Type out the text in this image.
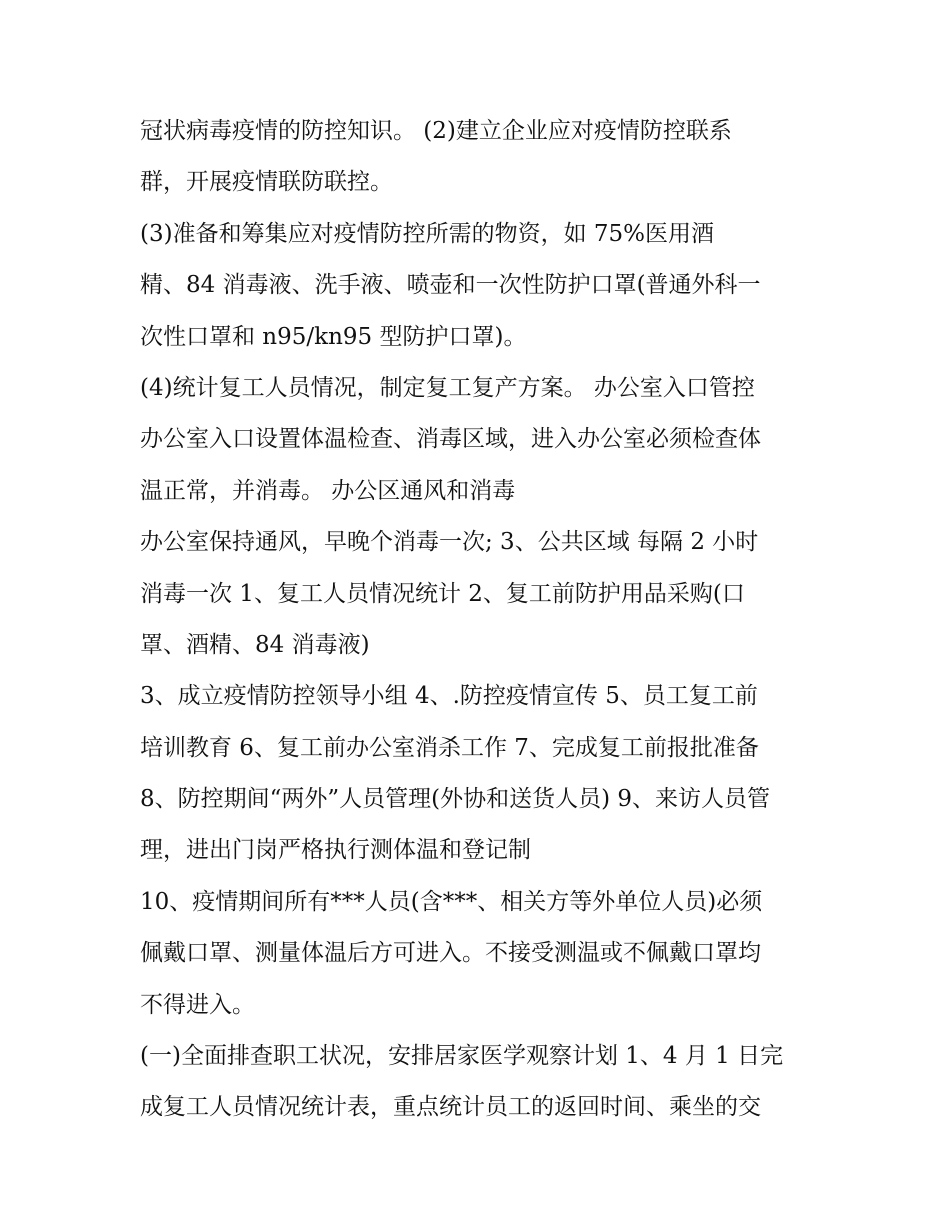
冠状病毒疫情的防控知识。 (2)建立企业应对疫情防控联系
群，开展疫情联防联控。
(3)准备和筹集应对疫情防控所需的物资，如 75%医用酒
精、84 消毒液、洗手液、喷壶和一次性防护口罩(普通外科一
次性口罩和 n95/kn95 型防护口罩)。
(4)统计复工人员情况，制定复工复产方案。 办公室入口管控
办公室入口设置体温检查、消毒区域，进入办公室必须检查体
温正常，并消毒。 办公区通风和消毒
办公室保持通风，早晚个消毒一次; 3、公共区域 每隔 2 小时
消毒一次 1、复工人员情况统计 2、复工前防护用品采购(口
罩、酒精、84 消毒液)
3、成立疫情防控领导小组 4、.防控疫情宣传 5、员工复工前
培训教育 6、复工前办公室消杀工作 7、完成复工前报批准备
8、防控期间“两外”人员管理(外协和送货人员) 9、来访人员管
理，进出门岗严格执行测体温和登记制
10、疫情期间所有***人员(含***、相关方等外单位人员)必须
佩戴口罩、测量体温后方可进入。不接受测温或不佩戴口罩均
不得进入。
(一)全面排查职工状况，安排居家医学观察计划 1、4 月 1 日完
成复工人员情况统计表，重点统计员工的返回时间、乘坐的交
